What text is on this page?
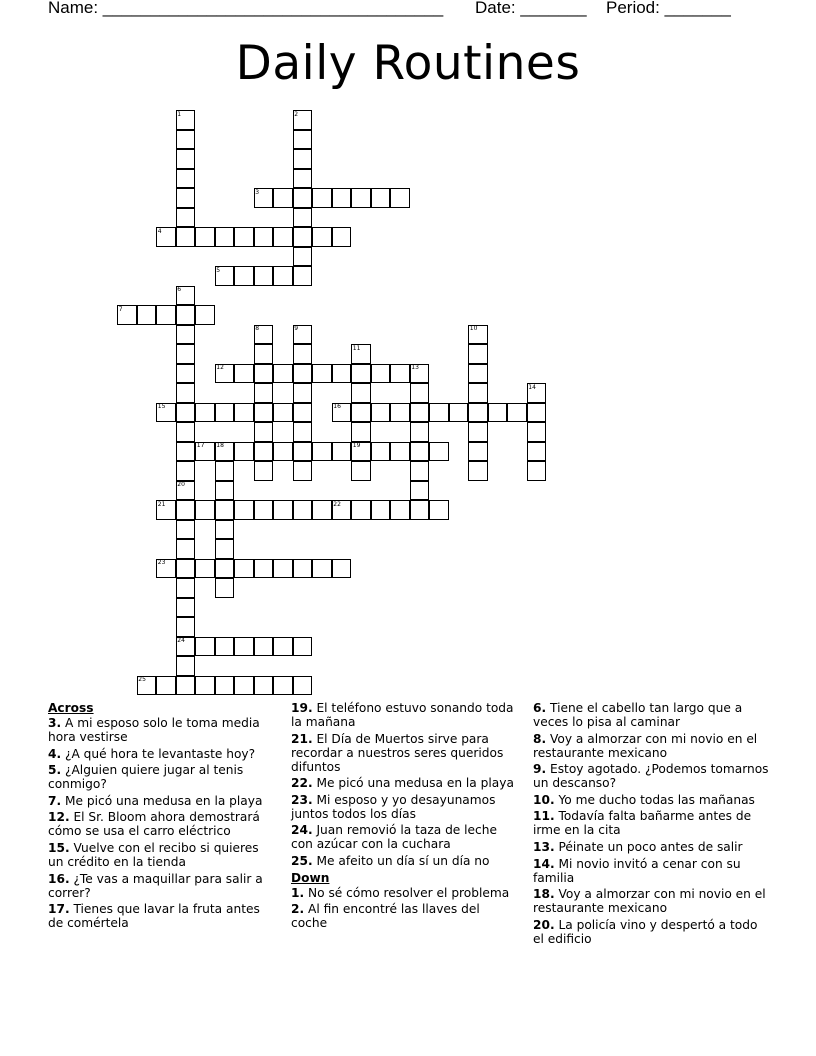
Name: ____________________________________ Date: _______ Period: _______
Daily Routines
1	2
3
4
5
6
7
8	9	10
11
12	13
14
15	16
17 18	19
20
21	22
23
24
25
Across
3. A mi esposo solo le toma media hora vestirse
4. ¿A qué hora te levantaste hoy?
5. ¿Alguien quiere jugar al tenis conmigo?
7. Me picó una medusa en la playa
12. El Sr. Bloom ahora demostrará cómo se usa el carro eléctrico
15. Vuelve con el recibo si quieres un crédito en la tienda
16. ¿Te vas a maquillar para salir a correr?
17. Tienes que lavar la fruta antes de comértela
19. El teléfono estuvo sonando toda la mañana
21. El Día de Muertos sirve para recordar a nuestros seres queridos difuntos
22. Me picó una medusa en la playa
23. Mi esposo y yo desayunamos juntos todos los días
24. Juan removió la taza de leche con azúcar con la cuchara
25. Me afeito un día sí un día no
Down
1. No sé cómo resolver el problema
2. Al fin encontré las llaves del coche
6. Tiene el cabello tan largo que a veces lo pisa al caminar
8. Voy a almorzar con mi novio en el restaurante mexicano
9. Estoy agotado. ¿Podemos tomarnos un descanso?
10. Yo me ducho todas las mañanas
11. Todavía falta bañarme antes de irme en la cita
13. Péinate un poco antes de salir
14. Mi novio invitó a cenar con su familia
18. Voy a almorzar con mi novio en el restaurante mexicano
20. La policía vino y despertó a todo el edificio
